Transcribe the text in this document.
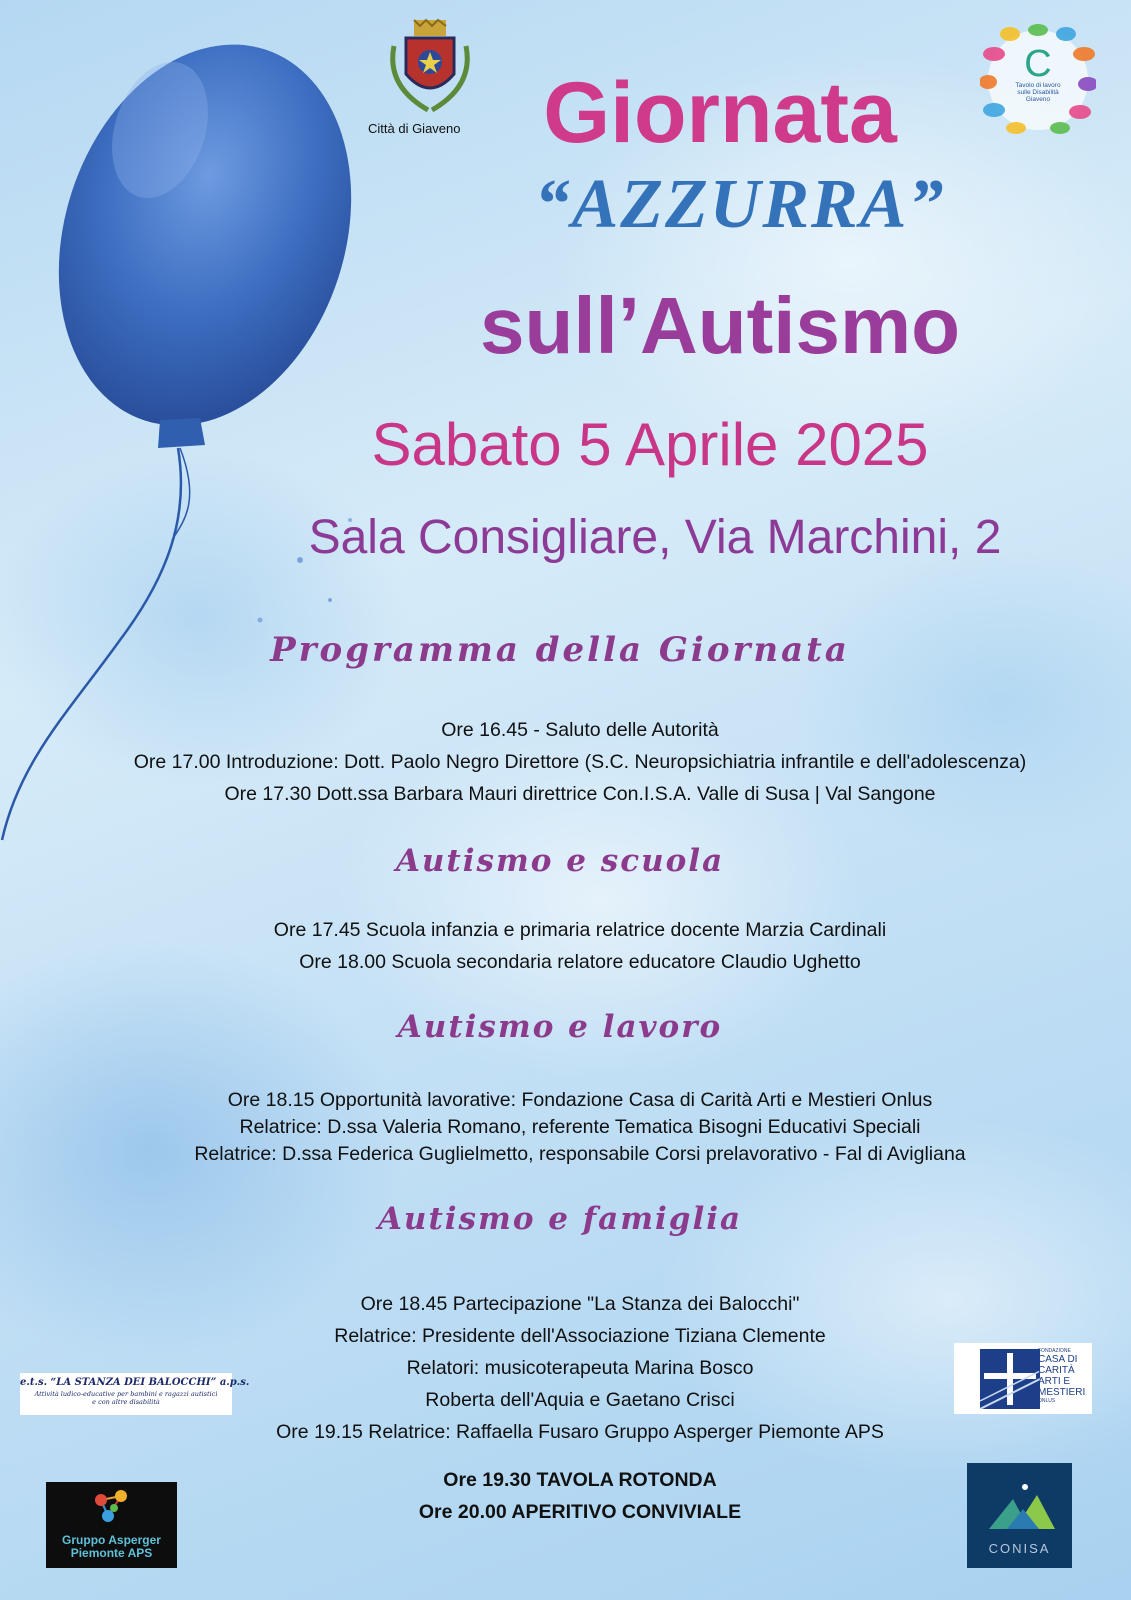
Città di Giaveno
C
Tavolo di lavoro
sulle Disabilità
Giaveno
Giornata
“AZZURRA”
sull’Autismo
Sabato 5 Aprile 2025
Sala Consigliare, Via Marchini, 2
Programma della Giornata
Ore 16.45 - Saluto delle Autorità
Ore 17.00 Introduzione: Dott. Paolo Negro Direttore (S.C. Neuropsichiatria infrantile e dell'adolescenza)
Ore 17.30 Dott.ssa Barbara Mauri direttrice Con.I.S.A. Valle di Susa | Val Sangone
Autismo e scuola
Ore 17.45 Scuola infanzia e primaria relatrice docente Marzia Cardinali
Ore 18.00 Scuola secondaria relatore educatore Claudio Ughetto
Autismo e lavoro
Ore 18.15 Opportunità lavorative: Fondazione Casa di Carità Arti e Mestieri Onlus
Relatrice: D.ssa Valeria Romano, referente Tematica Bisogni Educativi Speciali
Relatrice: D.ssa Federica Guglielmetto, responsabile Corsi prelavorativo - Fal di Avigliana
Autismo e famiglia
Ore 18.45 Partecipazione "La Stanza dei Balocchi"
Relatrice: Presidente dell'Associazione Tiziana Clemente
Relatori: musicoterapeuta Marina Bosco
Roberta dell'Aquia e Gaetano Crisci
Ore 19.15 Relatrice: Raffaella Fusaro Gruppo Asperger Piemonte APS
Ore 19.30 TAVOLA ROTONDA
Ore 20.00 APERITIVO CONVIVIALE
e.t.s. “LA STANZA DEI BALOCCHI” a.p.s.
Attività ludico-educative per bambini e ragazzi autistici
e con altre disabilità
Gruppo Asperger
Piemonte APS
FONDAZIONE
CASA DI
CARITÀ
ARTI E
MESTIERI
ONLUS
CONISA
